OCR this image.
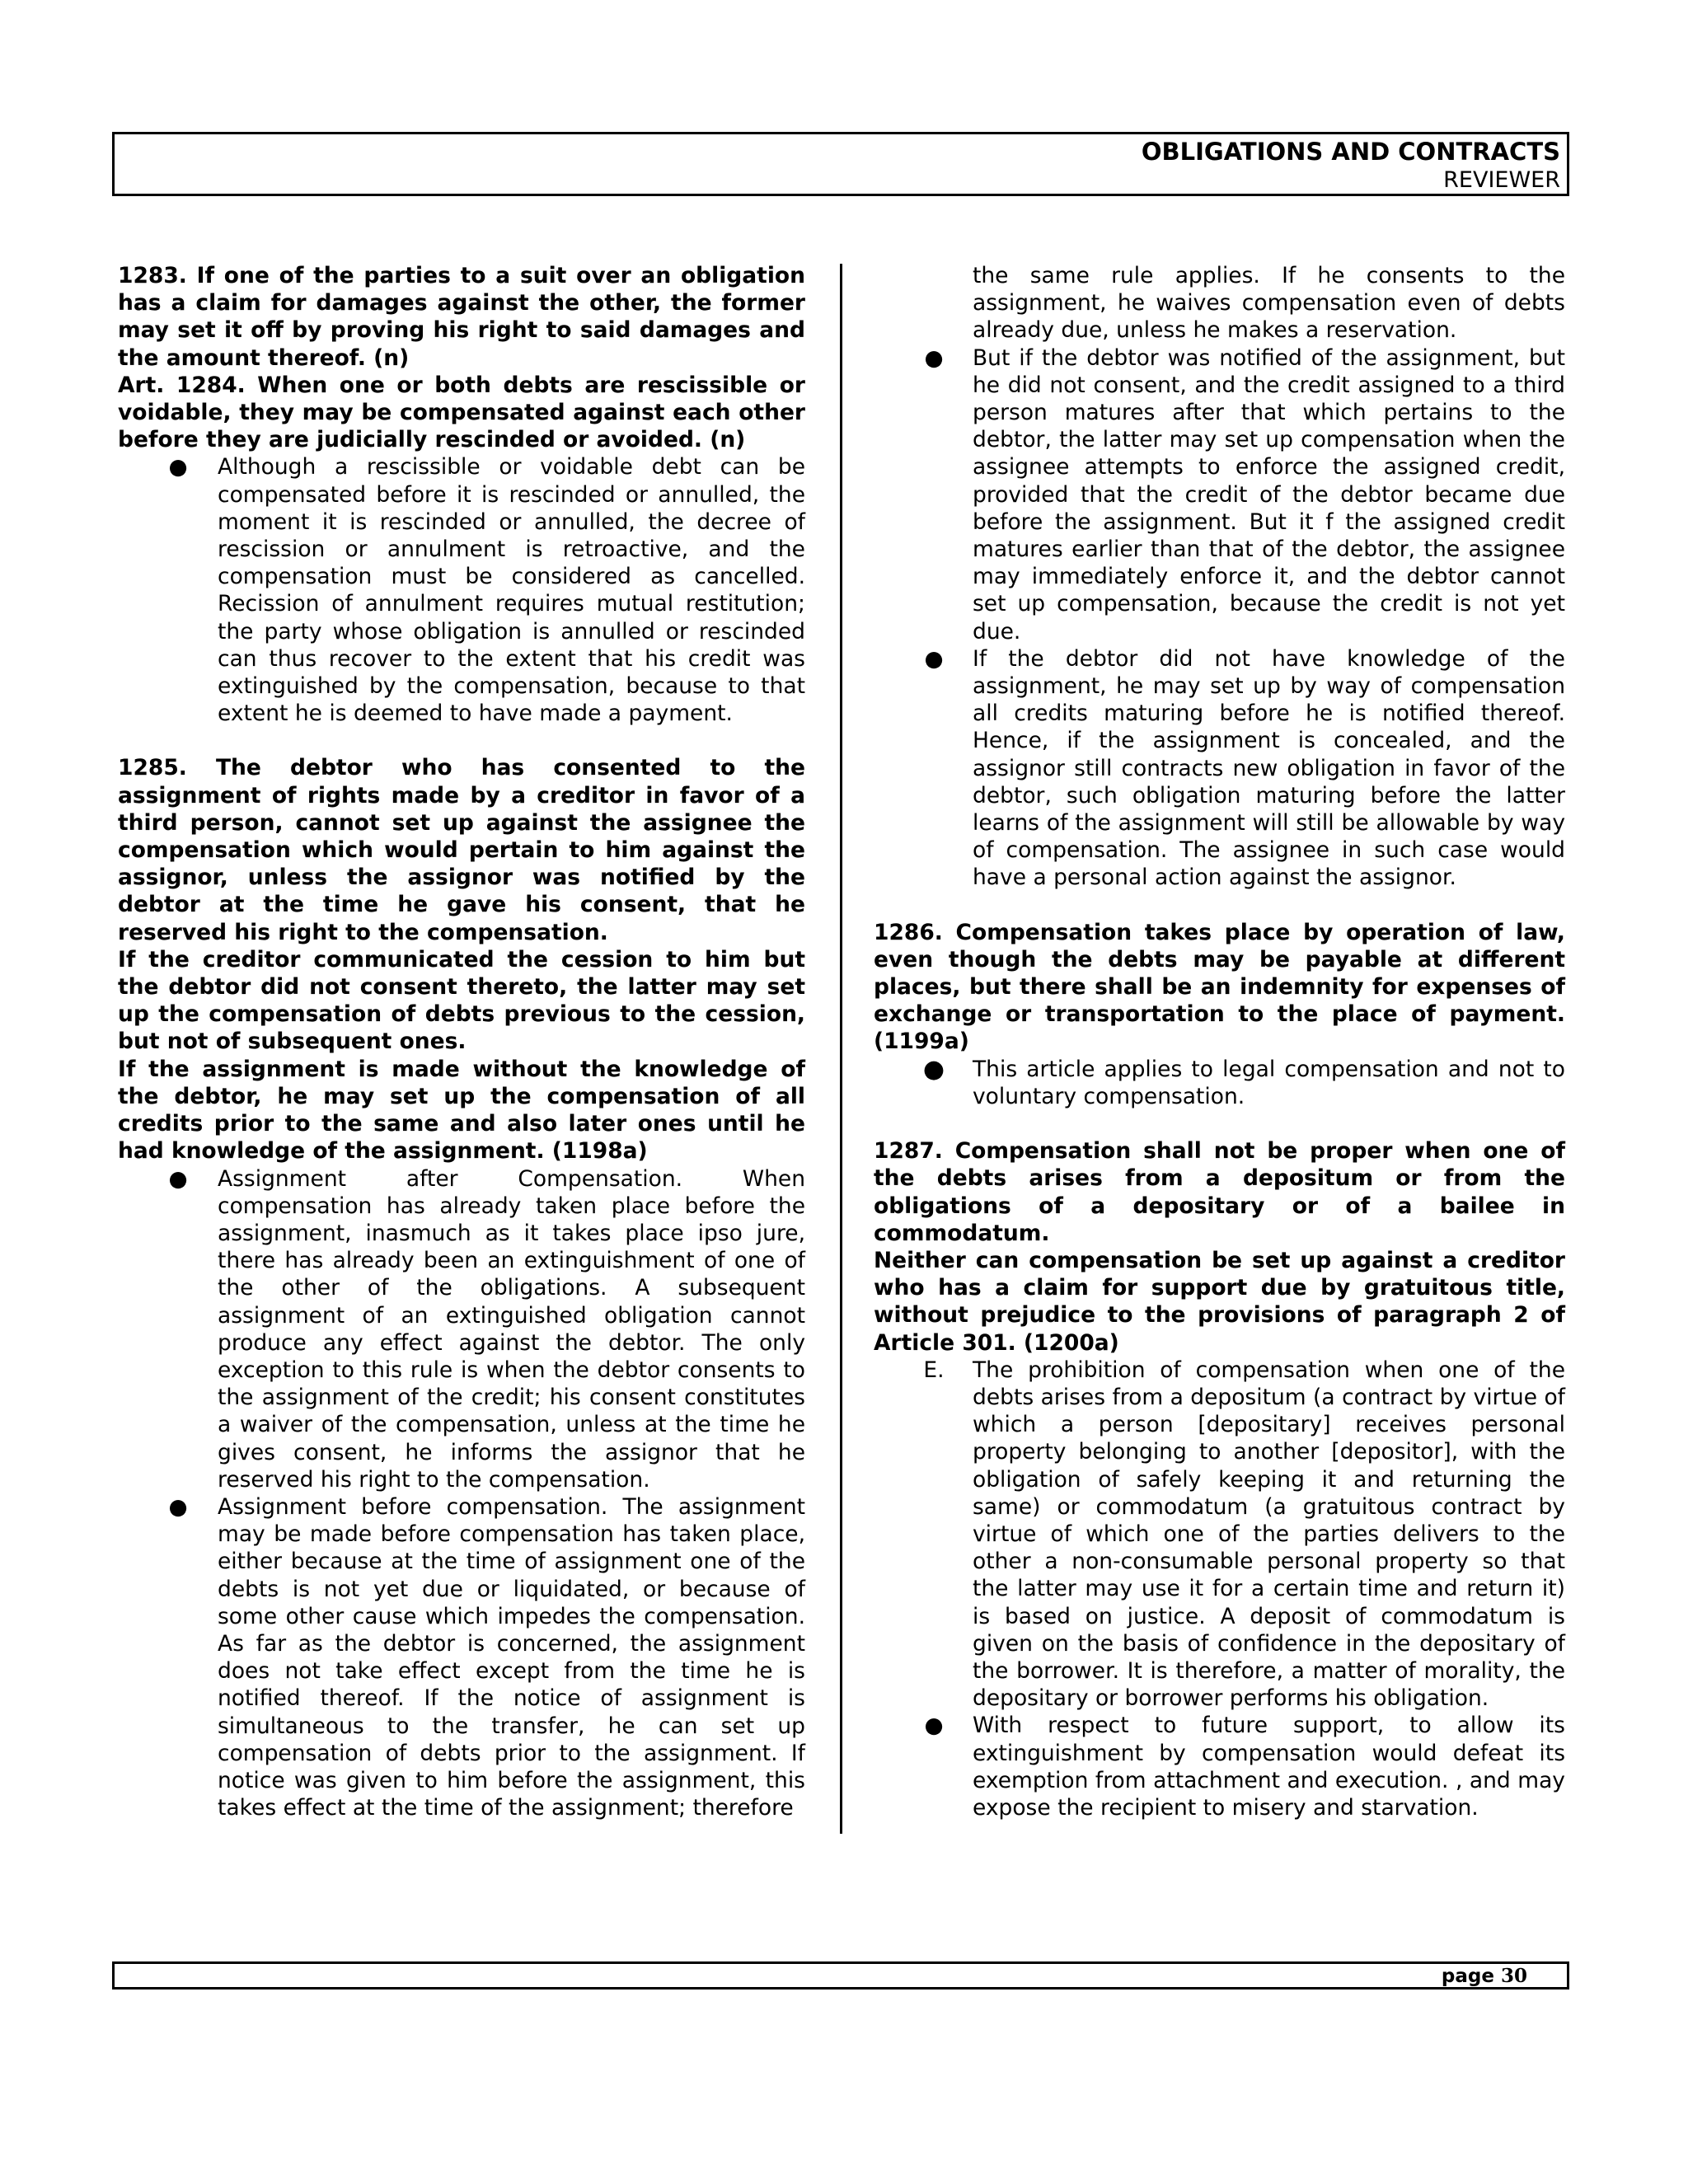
OBLIGATIONS AND CONTRACTS
REVIEWER

1283. If one of the parties to a suit over an obligation has a claim for damages against the other, the former may set it off by proving his right to said damages and the amount thereof. (n)

Art. 1284. When one or both debts are rescissible or voidable, they may be compensated against each other before they are judicially rescinded or avoided. (n)

● Although a rescissible or voidable debt can be compensated before it is rescinded or annulled, the moment it is rescinded or annulled, the decree of rescission or annulment is retroactive, and the compensation must be considered as cancelled. Recission of annulment requires mutual restitution; the party whose obligation is annulled or rescinded can thus recover to the extent that his credit was extinguished by the compensation, because to that extent he is deemed to have made a payment.

1285. The debtor who has consented to the assignment of rights made by a creditor in favor of a third person, cannot set up against the assignee the compensation which would pertain to him against the assignor, unless the assignor was notified by the debtor at the time he gave his consent, that he reserved his right to the compensation.

If the creditor communicated the cession to him but the debtor did not consent thereto, the latter may set up the compensation of debts previous to the cession, but not of subsequent ones.

If the assignment is made without the knowledge of the debtor, he may set up the compensation of all credits prior to the same and also later ones until he had knowledge of the assignment. (1198a)

● Assignment after Compensation. When compensation has already taken place before the assignment, inasmuch as it takes place ipso jure, there has already been an extinguishment of one of the other of the obligations. A subsequent assignment of an extinguished obligation cannot produce any effect against the debtor. The only exception to this rule is when the debtor consents to the assignment of the credit; his consent constitutes a waiver of the compensation, unless at the time he gives consent, he informs the assignor that he reserved his right to the compensation.
● Assignment before compensation. The assignment may be made before compensation has taken place, either because at the time of assignment one of the debts is not yet due or liquidated, or because of some other cause which impedes the compensation. As far as the debtor is concerned, the assignment does not take effect except from the time he is notified thereof. If the notice of assignment is simultaneous to the transfer, he can set up compensation of debts prior to the assignment. If notice was given to him before the assignment, this takes effect at the time of the assignment; therefore

the same rule applies. If he consents to the assignment, he waives compensation even of debts already due, unless he makes a reservation.

● But if the debtor was notified of the assignment, but he did not consent, and the credit assigned to a third person matures after that which pertains to the debtor, the latter may set up compensation when the assignee attempts to enforce the assigned credit, provided that the credit of the debtor became due before the assignment. But it f the assigned credit matures earlier than that of the debtor, the assignee may immediately enforce it, and the debtor cannot set up compensation, because the credit is not yet due.
● If the debtor did not have knowledge of the assignment, he may set up by way of compensation all credits maturing before he is notified thereof. Hence, if the assignment is concealed, and the assignor still contracts new obligation in favor of the debtor, such obligation maturing before the latter learns of the assignment will still be allowable by way of compensation. The assignee in such case would have a personal action against the assignor.

1286. Compensation takes place by operation of law, even though the debts may be payable at different places, but there shall be an indemnity for expenses of exchange or transportation to the place of payment. (1199a)

● This article applies to legal compensation and not to voluntary compensation.

1287. Compensation shall not be proper when one of the debts arises from a depositum or from the obligations of a depositary or of a bailee in commodatum.

Neither can compensation be set up against a creditor who has a claim for support due by gratuitous title, without prejudice to the provisions of paragraph 2 of Article 301. (1200a)

E. The prohibition of compensation when one of the debts arises from a depositum (a contract by virtue of which a person [depositary] receives personal property belonging to another [depositor], with the obligation of safely keeping it and returning the same) or commodatum (a gratuitous contract by virtue of which one of the parties delivers to the other a non-consumable personal property so that the latter may use it for a certain time and return it) is based on justice. A deposit of commodatum is given on the basis of confidence in the depositary of the borrower. It is therefore, a matter of morality, the depositary or borrower performs his obligation.
● With respect to future support, to allow its extinguishment by compensation would defeat its exemption from attachment and execution. , and may expose the recipient to misery and starvation.
page 30
